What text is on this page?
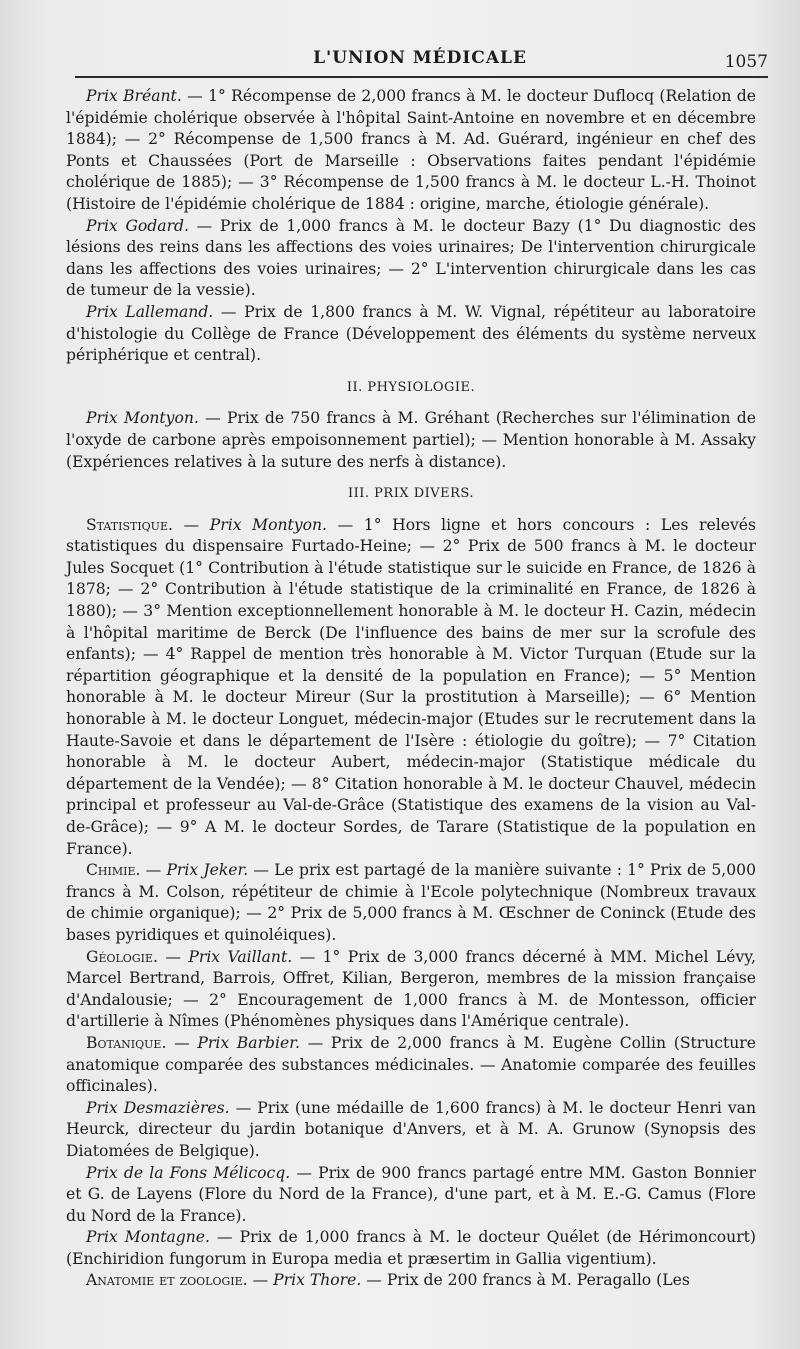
L'UNION MÉDICALE	1057

Prix Bréant. — 1° Récompense de 2,000 francs à M. le docteur Duflocq (Relation de l'épidémie cholérique observée à l'hôpital Saint-Antoine en novembre et en décembre 1884); — 2° Récompense de 1,500 francs à M. Ad. Guérard, ingénieur en chef des Ponts et Chaussées (Port de Marseille : Observations faites pendant l'épidémie cholérique de 1885); — 3° Récompense de 1,500 francs à M. le docteur L.-H. Thoinot (Histoire de l'épidémie cholérique de 1884 : origine, marche, étiologie générale).

Prix Godard. — Prix de 1,000 francs à M. le docteur Bazy (1° Du diagnostic des lésions des reins dans les affections des voies urinaires; De l'intervention chirurgicale dans les affections des voies urinaires; — 2° L'intervention chirurgicale dans les cas de tumeur de la vessie).

Prix Lallemand. — Prix de 1,800 francs à M. W. Vignal, répétiteur au laboratoire d'histologie du Collège de France (Développement des éléments du système nerveux périphérique et central).

II. PHYSIOLOGIE.

Prix Montyon. — Prix de 750 francs à M. Gréhant (Recherches sur l'élimination de l'oxyde de carbone après empoisonnement partiel); — Mention honorable à M. Assaky (Expériences relatives à la suture des nerfs à distance).

III. PRIX DIVERS.

Statistique. — Prix Montyon. — 1° Hors ligne et hors concours : Les relevés statistiques du dispensaire Furtado-Heine; — 2° Prix de 500 francs à M. le docteur Jules Socquet (1° Contribution à l'étude statistique sur le suicide en France, de 1826 à 1878; — 2° Contribution à l'étude statistique de la criminalité en France, de 1826 à 1880); — 3° Mention exceptionnellement honorable à M. le docteur H. Cazin, médecin à l'hôpital maritime de Berck (De l'influence des bains de mer sur la scrofule des enfants); — 4° Rappel de mention très honorable à M. Victor Turquan (Etude sur la répartition géographique et la densité de la population en France); — 5° Mention honorable à M. le docteur Mireur (Sur la prostitution à Marseille); — 6° Mention honorable à M. le docteur Longuet, médecin-major (Etudes sur le recrutement dans la Haute-Savoie et dans le département de l'Isère : étiologie du goître); — 7° Citation honorable à M. le docteur Aubert, médecin-major (Statistique médicale du département de la Vendée); — 8° Citation honorable à M. le docteur Chauvel, médecin principal et professeur au Val-de-Grâce (Statistique des examens de la vision au Val-de-Grâce); — 9° A M. le docteur Sordes, de Tarare (Statistique de la population en France).

Chimie. — Prix Jeker. — Le prix est partagé de la manière suivante : 1° Prix de 5,000 francs à M. Colson, répétiteur de chimie à l'Ecole polytechnique (Nombreux travaux de chimie organique); — 2° Prix de 5,000 francs à M. Œschner de Coninck (Etude des bases pyridiques et quinoléiques).

Géologie. — Prix Vaillant. — 1° Prix de 3,000 francs décerné à MM. Michel Lévy, Marcel Bertrand, Barrois, Offret, Kilian, Bergeron, membres de la mission française d'Andalousie; — 2° Encouragement de 1,000 francs à M. de Montesson, officier d'artillerie à Nîmes (Phénomènes physiques dans l'Amérique centrale).

Botanique. — Prix Barbier. — Prix de 2,000 francs à M. Eugène Collin (Structure anatomique comparée des substances médicinales. — Anatomie comparée des feuilles officinales).

Prix Desmazières. — Prix (une médaille de 1,600 francs) à M. le docteur Henri van Heurck, directeur du jardin botanique d'Anvers, et à M. A. Grunow (Synopsis des Diatomées de Belgique).

Prix de la Fons Mélicocq. — Prix de 900 francs partagé entre MM. Gaston Bonnier et G. de Layens (Flore du Nord de la France), d'une part, et à M. E.-G. Camus (Flore du Nord de la France).

Prix Montagne. — Prix de 1,000 francs à M. le docteur Quélet (de Hérimoncourt) (Enchiridion fungorum in Europa media et præsertim in Gallia vigentium).

Anatomie et zoologie. — Prix Thore. — Prix de 200 francs à M. Peragallo (Les
